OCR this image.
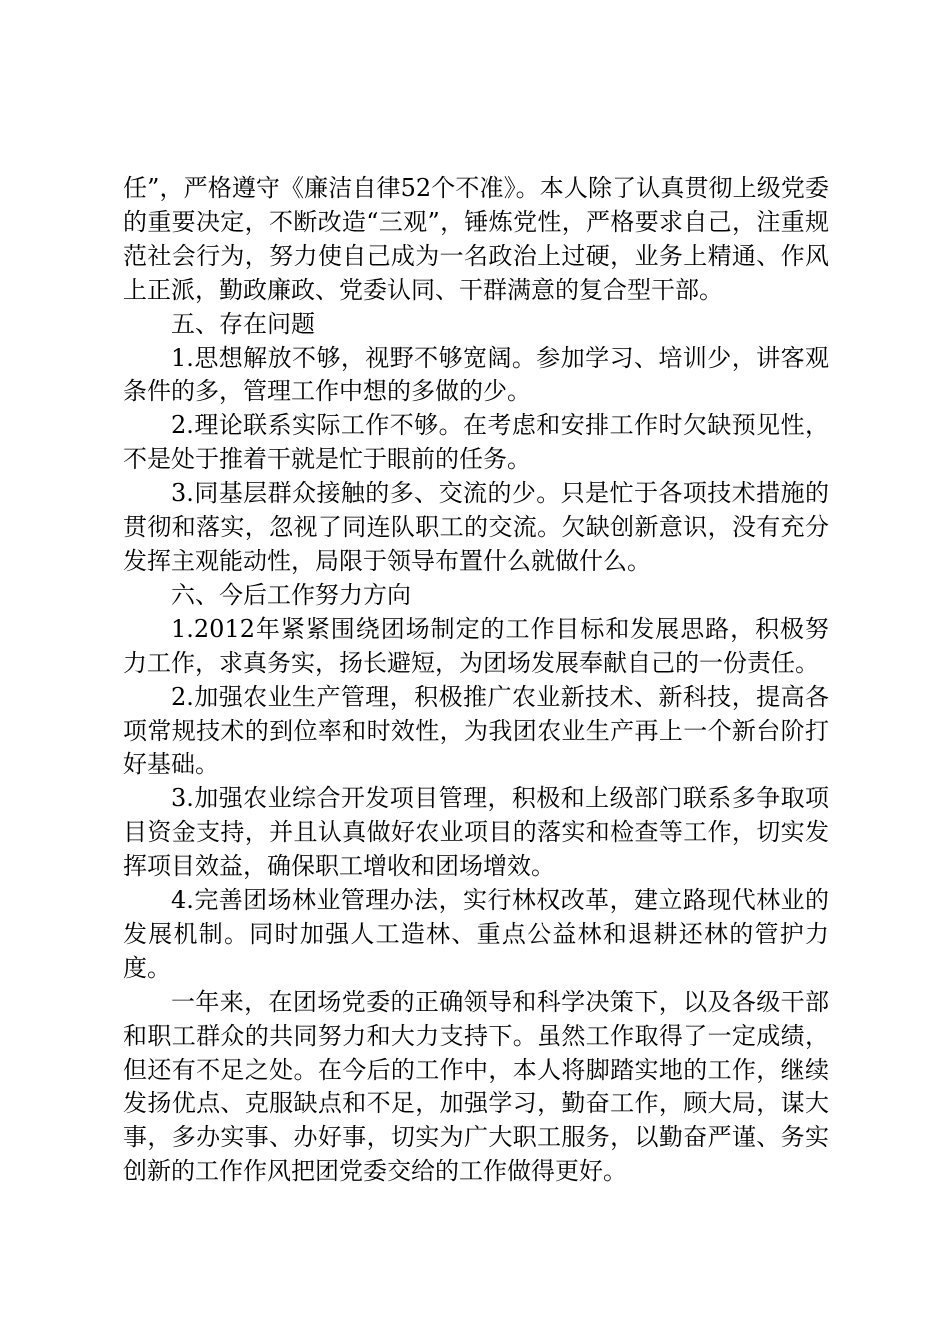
任”，严格遵守《廉洁自律52个不准》。本人除了认真贯彻上级党委的重要决定，不断改造“三观”，锤炼党性，严格要求自己，注重规范社会行为，努力使自己成为一名政治上过硬，业务上精通、作风上正派，勤政廉政、党委认同、干群满意的复合型干部。

五、存在问题

1.思想解放不够，视野不够宽阔。参加学习、培训少，讲客观条件的多，管理工作中想的多做的少。

2.理论联系实际工作不够。在考虑和安排工作时欠缺预见性，不是处于推着干就是忙于眼前的任务。

3.同基层群众接触的多、交流的少。只是忙于各项技术措施的贯彻和落实，忽视了同连队职工的交流。欠缺创新意识，没有充分发挥主观能动性，局限于领导布置什么就做什么。

六、今后工作努力方向

1.2012年紧紧围绕团场制定的工作目标和发展思路，积极努力工作，求真务实，扬长避短，为团场发展奉献自己的一份责任。

2.加强农业生产管理，积极推广农业新技术、新科技，提高各项常规技术的到位率和时效性，为我团农业生产再上一个新台阶打好基础。

3.加强农业综合开发项目管理，积极和上级部门联系多争取项目资金支持，并且认真做好农业项目的落实和检查等工作，切实发挥项目效益，确保职工增收和团场增效。

4.完善团场林业管理办法，实行林权改革，建立路现代林业的发展机制。同时加强人工造林、重点公益林和退耕还林的管护力度。

一年来，在团场党委的正确领导和科学决策下，以及各级干部和职工群众的共同努力和大力支持下。虽然工作取得了一定成绩，但还有不足之处。在今后的工作中，本人将脚踏实地的工作，继续发扬优点、克服缺点和不足，加强学习，勤奋工作，顾大局，谋大事，多办实事、办好事，切实为广大职工服务，以勤奋严谨、务实创新的工作作风把团党委交给的工作做得更好。
